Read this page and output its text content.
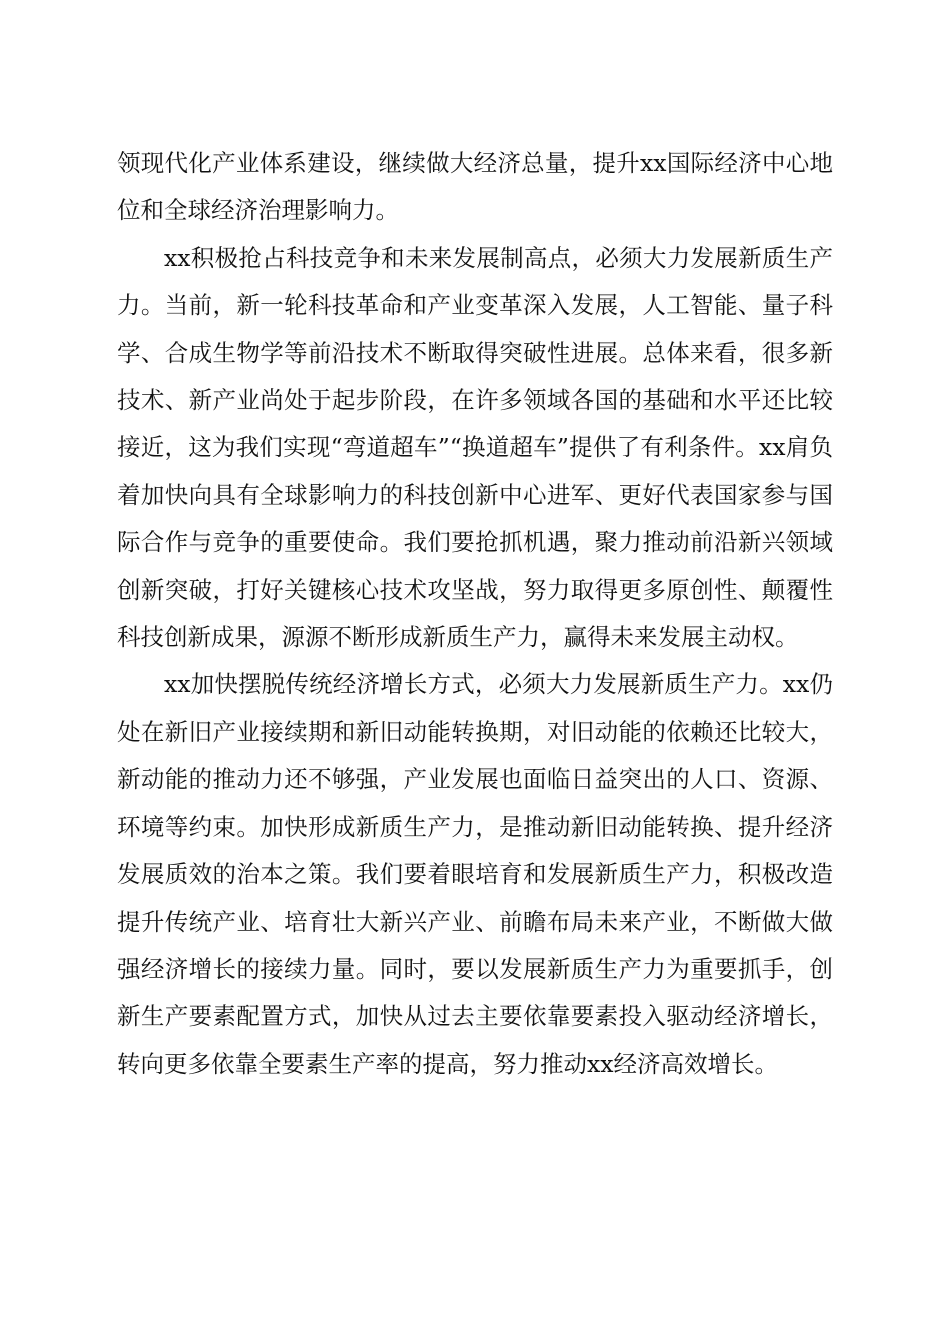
领现代化产业体系建设，继续做大经济总量，提升xx国际经济中心地位和全球经济治理影响力。

xx积极抢占科技竞争和未来发展制高点，必须大力发展新质生产力。当前，新一轮科技革命和产业变革深入发展，人工智能、量子科学、合成生物学等前沿技术不断取得突破性进展。总体来看，很多新技术、新产业尚处于起步阶段，在许多领域各国的基础和水平还比较接近，这为我们实现“弯道超车”“换道超车”提供了有利条件。xx肩负着加快向具有全球影响力的科技创新中心进军、更好代表国家参与国际合作与竞争的重要使命。我们要抢抓机遇，聚力推动前沿新兴领域创新突破，打好关键核心技术攻坚战，努力取得更多原创性、颠覆性科技创新成果，源源不断形成新质生产力，赢得未来发展主动权。

xx加快摆脱传统经济增长方式，必须大力发展新质生产力。xx仍处在新旧产业接续期和新旧动能转换期，对旧动能的依赖还比较大，新动能的推动力还不够强，产业发展也面临日益突出的人口、资源、环境等约束。加快形成新质生产力，是推动新旧动能转换、提升经济发展质效的治本之策。我们要着眼培育和发展新质生产力，积极改造提升传统产业、培育壮大新兴产业、前瞻布局未来产业，不断做大做强经济增长的接续力量。同时，要以发展新质生产力为重要抓手，创新生产要素配置方式，加快从过去主要依靠要素投入驱动经济增长，转向更多依靠全要素生产率的提高，努力推动xx经济高效增长。
